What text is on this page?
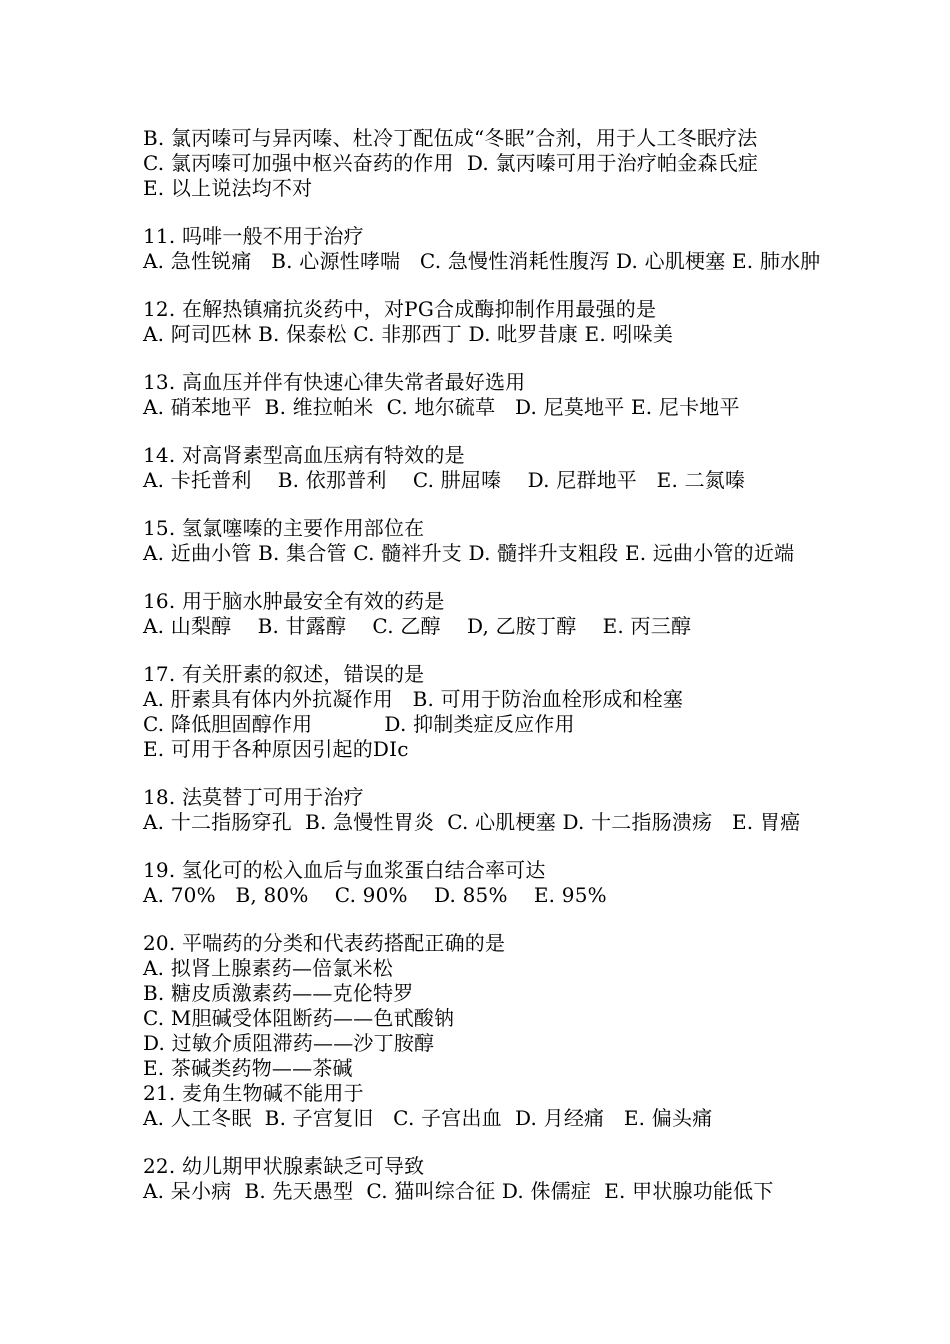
B. 氯丙嗪可与异丙嗪、杜冷丁配伍成“冬眠”合剂，用于人工冬眠疗法
C. 氯丙嗪可加强中枢兴奋药的作用  D. 氯丙嗪可用于治疗帕金森氏症
E. 以上说法均不对
11. 吗啡一般不用于治疗
A. 急性锐痛   B. 心源性哮喘   C. 急慢性消耗性腹泻 D. 心肌梗塞 E. 肺水肿
12. 在解热镇痛抗炎药中，对PG合成酶抑制作用最强的是
A. 阿司匹林 B. 保泰松 C. 非那西丁 D. 吡罗昔康 E. 吲哚美
13. 高血压并伴有快速心律失常者最好选用
A. 硝苯地平  B. 维拉帕米  C. 地尔硫草   D. 尼莫地平 E. 尼卡地平
14. 对高肾素型高血压病有特效的是
A. 卡托普利    B. 依那普利    C. 肼屈嗪    D. 尼群地平   E. 二氮嗪
15. 氢氯噻嗪的主要作用部位在
A. 近曲小管 B. 集合管 C. 髓袢升支 D. 髓拌升支粗段 E. 远曲小管的近端
16. 用于脑水肿最安全有效的药是
A. 山梨醇    B. 甘露醇    C. 乙醇    D, 乙胺丁醇    E. 丙三醇
17. 有关肝素的叙述，错误的是
A. 肝素具有体内外抗凝作用   B. 可用于防治血栓形成和栓塞
C. 降低胆固醇作用           D. 抑制类症反应作用
E. 可用于各种原因引起的DIc
18. 法莫替丁可用于治疗
A. 十二指肠穿孔  B. 急慢性胃炎  C. 心肌梗塞 D. 十二指肠溃疡   E. 胃癌
19. 氢化可的松入血后与血浆蛋白结合率可达
A. 70%   B, 80%    C. 90%    D. 85%    E. 95%
20. 平喘药的分类和代表药搭配正确的是
A. 拟肾上腺素药—倍氯米松
B. 糖皮质激素药——克伦特罗
C. M胆碱受体阻断药——色甙酸钠
D. 过敏介质阻滞药——沙丁胺醇
E. 茶碱类药物——茶碱
21. 麦角生物碱不能用于
A. 人工冬眠  B. 子宫复旧   C. 子宫出血  D. 月经痛   E. 偏头痛
22. 幼儿期甲状腺素缺乏可导致
A. 呆小病  B. 先天愚型  C. 猫叫综合征 D. 侏儒症  E. 甲状腺功能低下
